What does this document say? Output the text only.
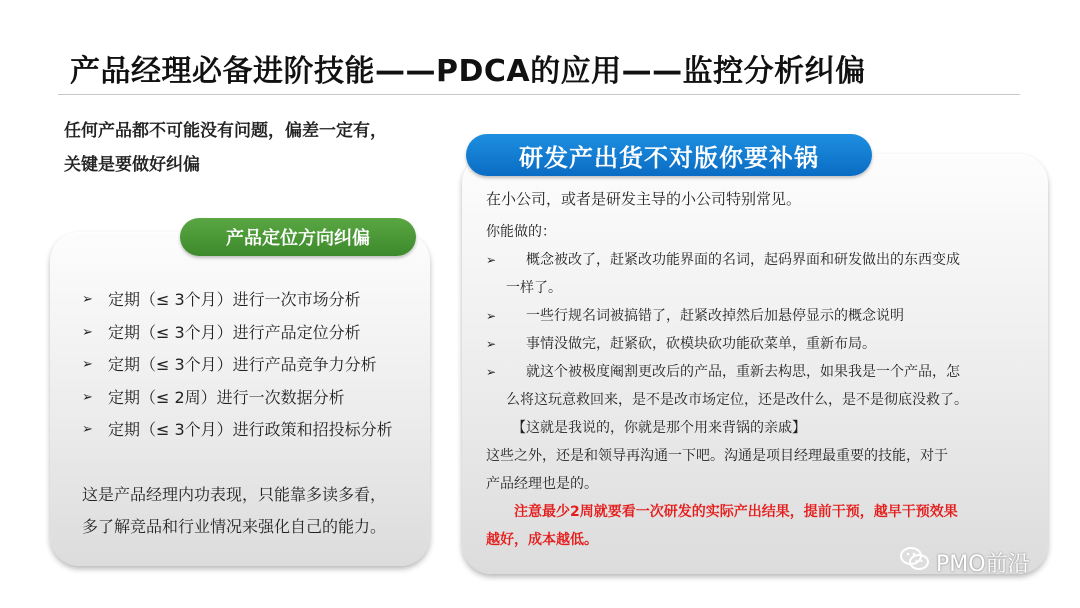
产品经理必备进阶技能——PDCA的应用——监控分析纠偏
任何产品都不可能没有问题，偏差一定有，
关键是要做好纠偏
产品定位方向纠偏
➢ 定期（≤ 3个月）进行一次市场分析
➢ 定期（≤ 3个月）进行产品定位分析
➢ 定期（≤ 3个月）进行产品竞争力分析
➢ 定期（≤ 2周）进行一次数据分析
➢ 定期（≤ 3个月）进行政策和招投标分析
这是产品经理内功表现，只能靠多读多看，
多了解竞品和行业情况来强化自己的能力。
研发产出货不对版你要补锅
在小公司，或者是研发主导的小公司特别常见。
你能做的：
➢	概念被改了，赶紧改功能界面的名词，起码界面和研发做出的东西变成
一样了。
➢	一些行规名词被搞错了，赶紧改掉然后加悬停显示的概念说明
➢	事情没做完，赶紧砍，砍模块砍功能砍菜单，重新布局。
➢	就这个被极度阉割更改后的产品，重新去构思，如果我是一个产品，怎
么将这玩意救回来，是不是改市场定位，还是改什么，是不是彻底没救了。
【这就是我说的，你就是那个用来背锅的亲戚】
这些之外，还是和领导再沟通一下吧。沟通是项目经理最重要的技能，对于
产品经理也是的。
注意最少2周就要看一次研发的实际产出结果，提前干预，越早干预效果
越好，成本越低。
PMO前沿
